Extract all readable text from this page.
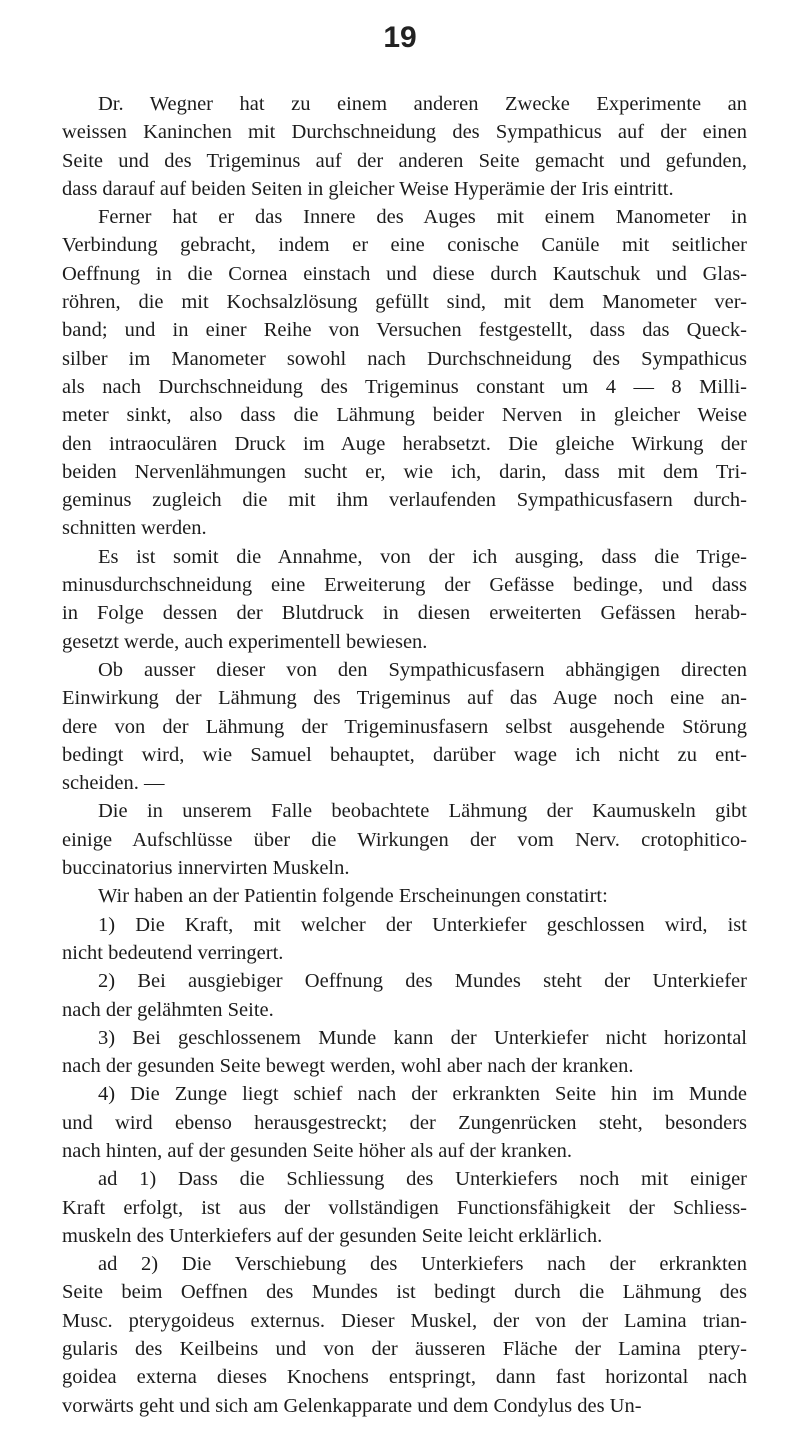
19
Dr. Wegner hat zu einem anderen Zwecke Experimente an
weissen Kaninchen mit Durchschneidung des Sympathicus auf der einen
Seite und des Trigeminus auf der anderen Seite gemacht und gefunden,
dass darauf auf beiden Seiten in gleicher Weise Hyperämie der Iris eintritt.
Ferner hat er das Innere des Auges mit einem Manometer in
Verbindung gebracht, indem er eine conische Canüle mit seitlicher
Oeffnung in die Cornea einstach und diese durch Kautschuk und Glas-
röhren, die mit Kochsalzlösung gefüllt sind, mit dem Manometer ver-
band; und in einer Reihe von Versuchen festgestellt, dass das Queck-
silber im Manometer sowohl nach Durchschneidung des Sympathicus
als nach Durchschneidung des Trigeminus constant um 4 — 8 Milli-
meter sinkt, also dass die Lähmung beider Nerven in gleicher Weise
den intraoculären Druck im Auge herabsetzt. Die gleiche Wirkung der
beiden Nervenlähmungen sucht er, wie ich, darin, dass mit dem Tri-
geminus zugleich die mit ihm verlaufenden Sympathicusfasern durch-
schnitten werden.
Es ist somit die Annahme, von der ich ausging, dass die Trige-
minusdurchschneidung eine Erweiterung der Gefässe bedinge, und dass
in Folge dessen der Blutdruck in diesen erweiterten Gefässen herab-
gesetzt werde, auch experimentell bewiesen.
Ob ausser dieser von den Sympathicusfasern abhängigen directen
Einwirkung der Lähmung des Trigeminus auf das Auge noch eine an-
dere von der Lähmung der Trigeminusfasern selbst ausgehende Störung
bedingt wird, wie Samuel behauptet, darüber wage ich nicht zu ent-
scheiden. —
Die in unserem Falle beobachtete Lähmung der Kaumuskeln gibt
einige Aufschlüsse über die Wirkungen der vom Nerv. crotophitico-
buccinatorius innervirten Muskeln.
Wir haben an der Patientin folgende Erscheinungen constatirt:
1) Die Kraft, mit welcher der Unterkiefer geschlossen wird, ist
nicht bedeutend verringert.
2) Bei ausgiebiger Oeffnung des Mundes steht der Unterkiefer
nach der gelähmten Seite.
3) Bei geschlossenem Munde kann der Unterkiefer nicht horizontal
nach der gesunden Seite bewegt werden, wohl aber nach der kranken.
4) Die Zunge liegt schief nach der erkrankten Seite hin im Munde
und wird ebenso herausgestreckt; der Zungenrücken steht, besonders
nach hinten, auf der gesunden Seite höher als auf der kranken.
ad 1) Dass die Schliessung des Unterkiefers noch mit einiger
Kraft erfolgt, ist aus der vollständigen Functionsfähigkeit der Schliess-
muskeln des Unterkiefers auf der gesunden Seite leicht erklärlich.
ad 2) Die Verschiebung des Unterkiefers nach der erkrankten
Seite beim Oeffnen des Mundes ist bedingt durch die Lähmung des
Musc. pterygoideus externus. Dieser Muskel, der von der Lamina trian-
gularis des Keilbeins und von der äusseren Fläche der Lamina ptery-
goidea externa dieses Knochens entspringt, dann fast horizontal nach
vorwärts geht und sich am Gelenkapparate und dem Condylus des Un-
